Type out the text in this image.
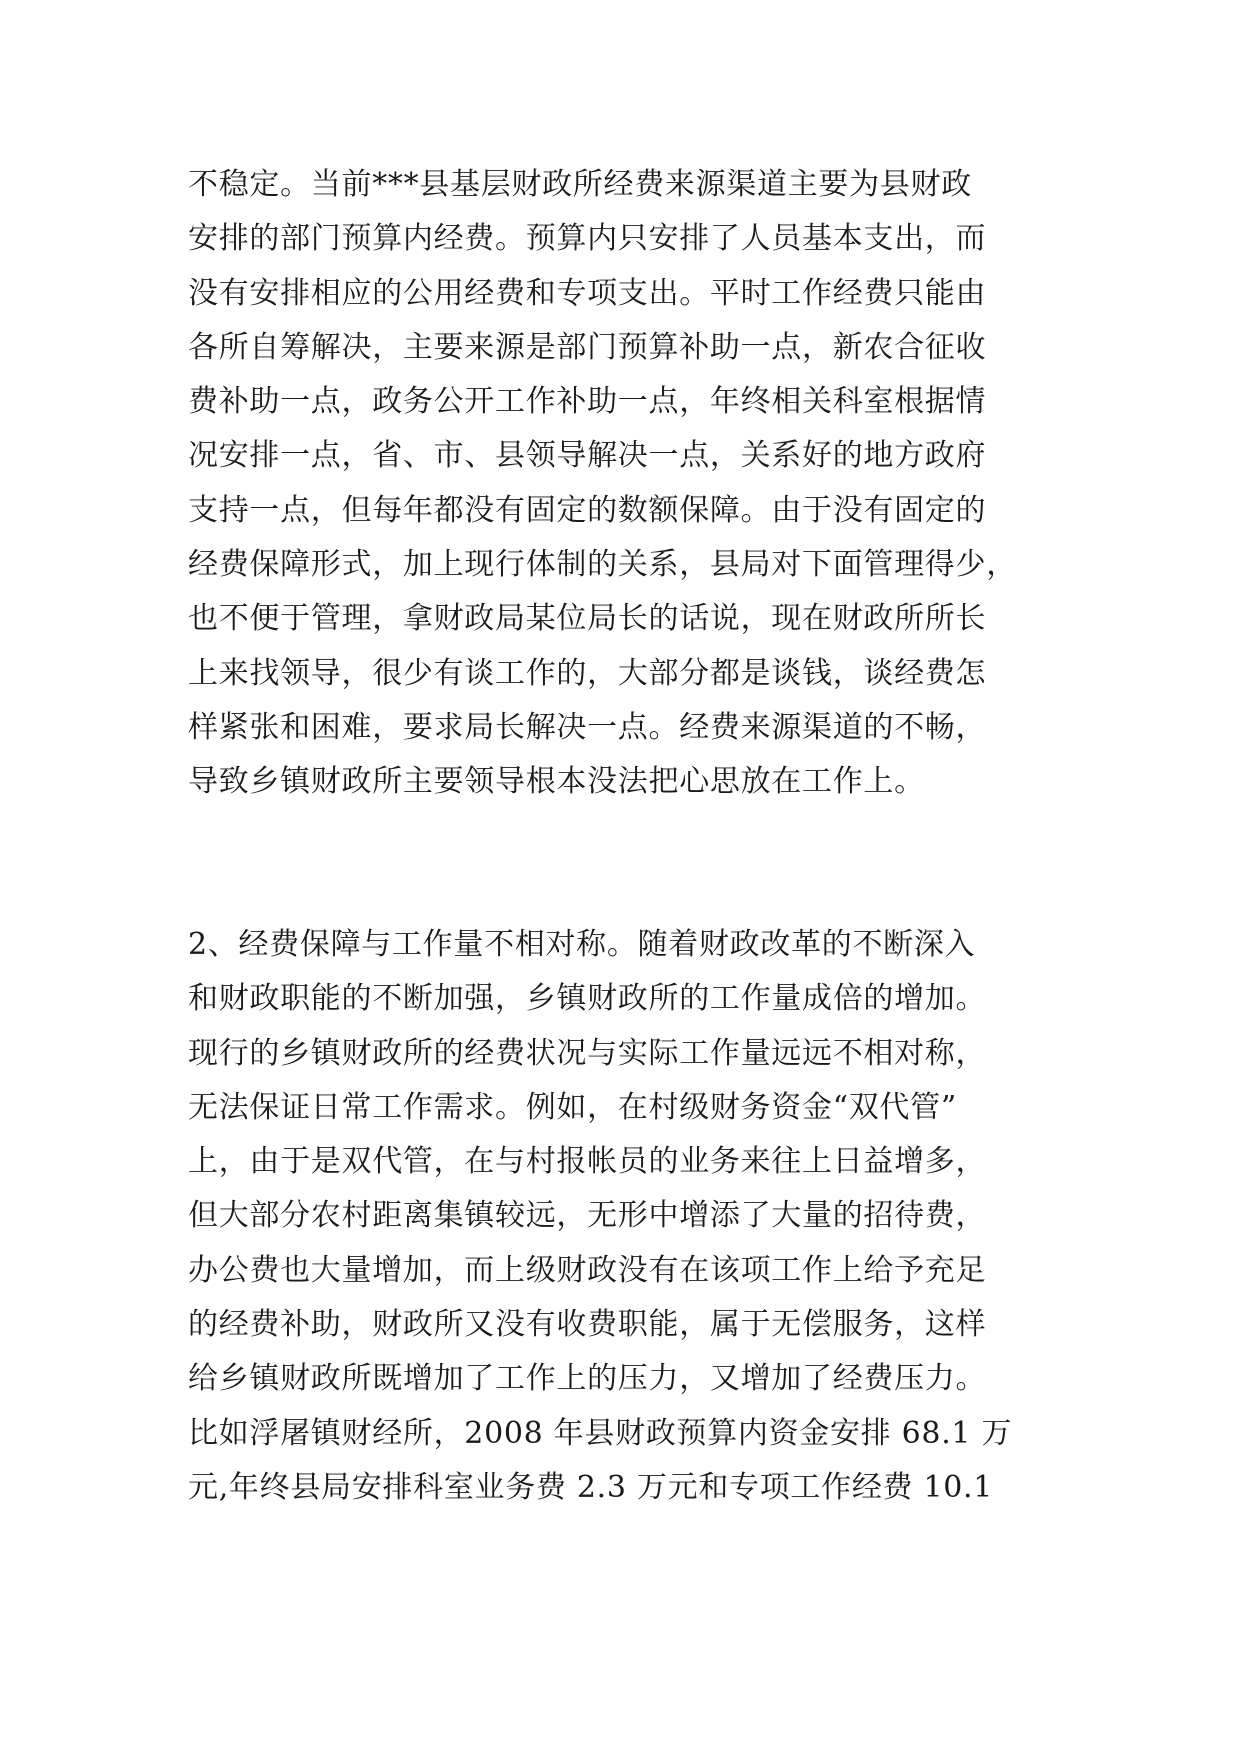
不稳定。当前***县基层财政所经费来源渠道主要为县财政
安排的部门预算内经费。预算内只安排了人员基本支出，而
没有安排相应的公用经费和专项支出。平时工作经费只能由
各所自筹解决，主要来源是部门预算补助一点，新农合征收
费补助一点，政务公开工作补助一点，年终相关科室根据情
况安排一点，省、市、县领导解决一点，关系好的地方政府
支持一点，但每年都没有固定的数额保障。由于没有固定的
经费保障形式，加上现行体制的关系，县局对下面管理得少，
也不便于管理，拿财政局某位局长的话说，现在财政所所长
上来找领导，很少有谈工作的，大部分都是谈钱，谈经费怎
样紧张和困难，要求局长解决一点。经费来源渠道的不畅，
导致乡镇财政所主要领导根本没法把心思放在工作上。
2、经费保障与工作量不相对称。随着财政改革的不断深入
和财政职能的不断加强，乡镇财政所的工作量成倍的增加。
现行的乡镇财政所的经费状况与实际工作量远远不相对称，
无法保证日常工作需求。例如，在村级财务资金“双代管”
上，由于是双代管，在与村报帐员的业务来往上日益增多，
但大部分农村距离集镇较远，无形中增添了大量的招待费，
办公费也大量增加，而上级财政没有在该项工作上给予充足
的经费补助，财政所又没有收费职能，属于无偿服务，这样
给乡镇财政所既增加了工作上的压力，又增加了经费压力。
比如浮屠镇财经所，2008 年县财政预算内资金安排 68.1 万
元,年终县局安排科室业务费 2.3 万元和专项工作经费 10.1
